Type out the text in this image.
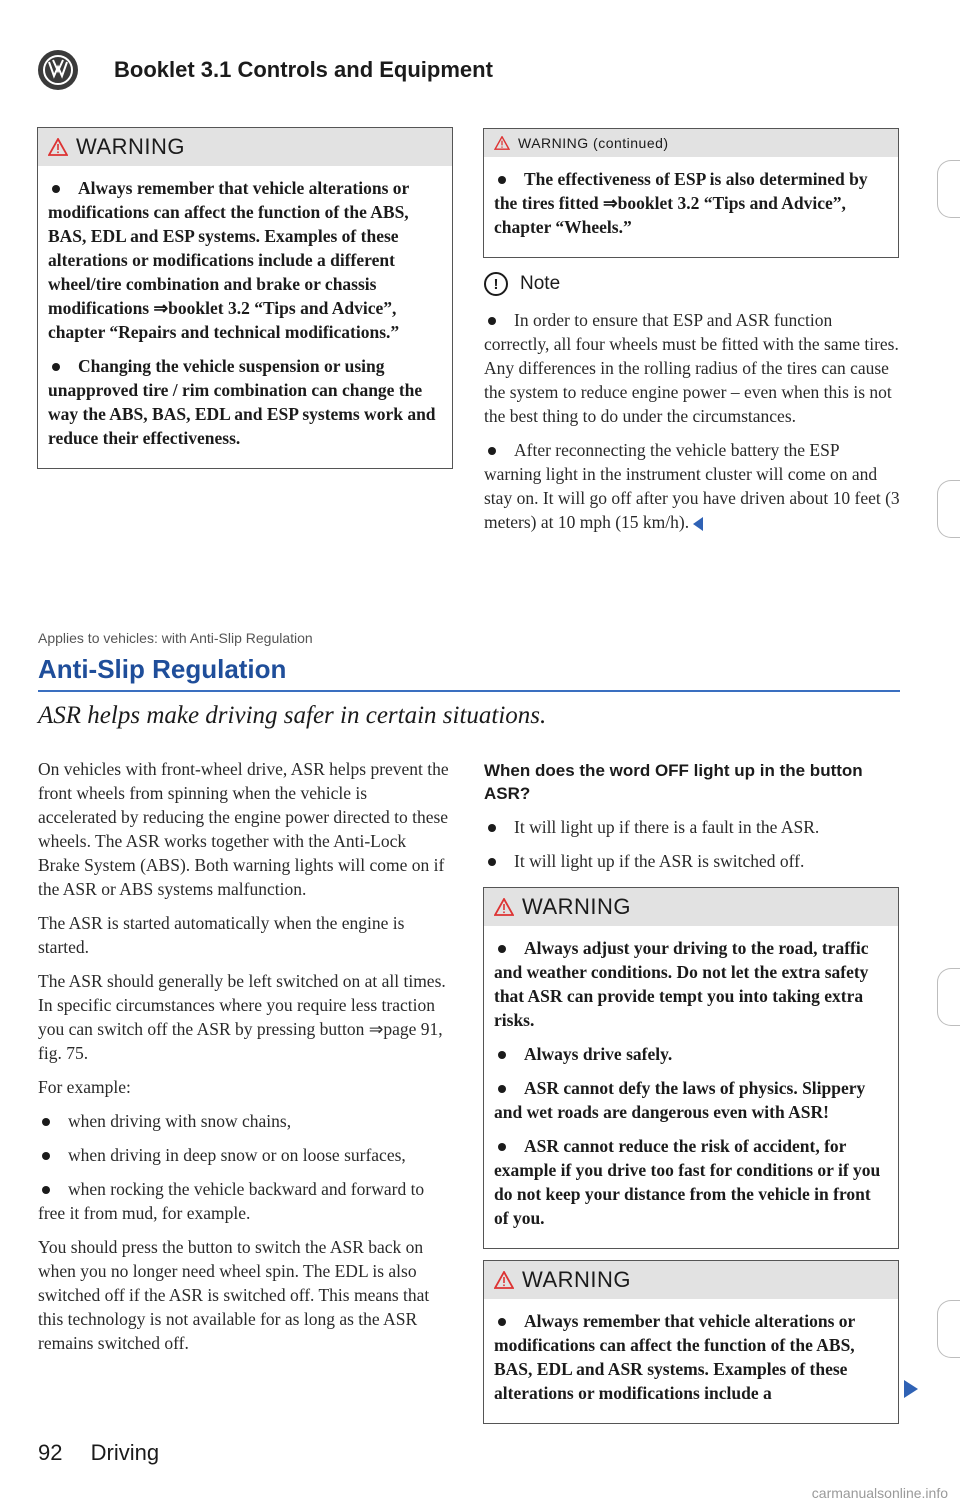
Booklet 3.1 Controls and Equipment
WARNING
Always remember that vehicle alterations or modifications can affect the function of the ABS, BAS, EDL and ESP systems. Examples of these alterations or modifications include a different wheel/tire combination and brake or chassis modifications ⇒booklet 3.2 “Tips and Advice”, chapter “Repairs and technical modifications.”
Changing the vehicle suspension or using unapproved tire / rim combination can change the way the ABS, BAS, EDL and ESP systems work and reduce their effectiveness.
WARNING (continued)
The effectiveness of ESP is also determined by the tires fitted ⇒booklet 3.2 “Tips and Advice”, chapter “Wheels.”
!	Note
In order to ensure that ESP and ASR function correctly, all four wheels must be fitted with the same tires. Any differences in the rolling radius of the tires can cause the system to reduce engine power – even when this is not the best thing to do under the circumstances.
After reconnecting the vehicle battery the ESP warning light in the instrument cluster will come on and stay on. It will go off after you have driven about 10 feet (3 meters) at 10 mph (15 km/h).
Applies to vehicles: with Anti-Slip Regulation
Anti-Slip Regulation
ASR helps make driving safer in certain situations.

On vehicles with front-wheel drive, ASR helps prevent the front wheels from spinning when the vehicle is accelerated by reducing the engine power directed to these wheels. The ASR works together with the Anti-Lock Brake System (ABS). Both warning lights will come on if the ASR or ABS systems malfunction.

The ASR is started automatically when the engine is started.

The ASR should generally be left switched on at all times. In specific circumstances where you require less traction you can switch off the ASR by pressing button ⇒page 91, fig. 75.

For example:

when driving with snow chains,
when driving in deep snow or on loose surfaces,
when rocking the vehicle backward and forward to free it from mud, for example.

You should press the button to switch the ASR back on when you no longer need wheel spin. The EDL is also switched off if the ASR is switched off. This means that this technology is not available for as long as the ASR remains switched off.

When does the word OFF light up in the button ASR?
It will light up if there is a fault in the ASR.
It will light up if the ASR is switched off.
WARNING
Always adjust your driving to the road, traffic and weather conditions. Do not let the extra safety that ASR can provide tempt you into taking extra risks.
Always drive safely.
ASR cannot defy the laws of physics. Slippery and wet roads are dangerous even with ASR!
ASR cannot reduce the risk of accident, for example if you drive too fast for conditions or if you do not keep your distance from the vehicle in front of you.
WARNING
Always remember that vehicle alterations or modifications can affect the function of the ABS, BAS, EDL and ASR systems. Examples of these alterations or modifications include a
92 Driving
carmanualsonline.info
